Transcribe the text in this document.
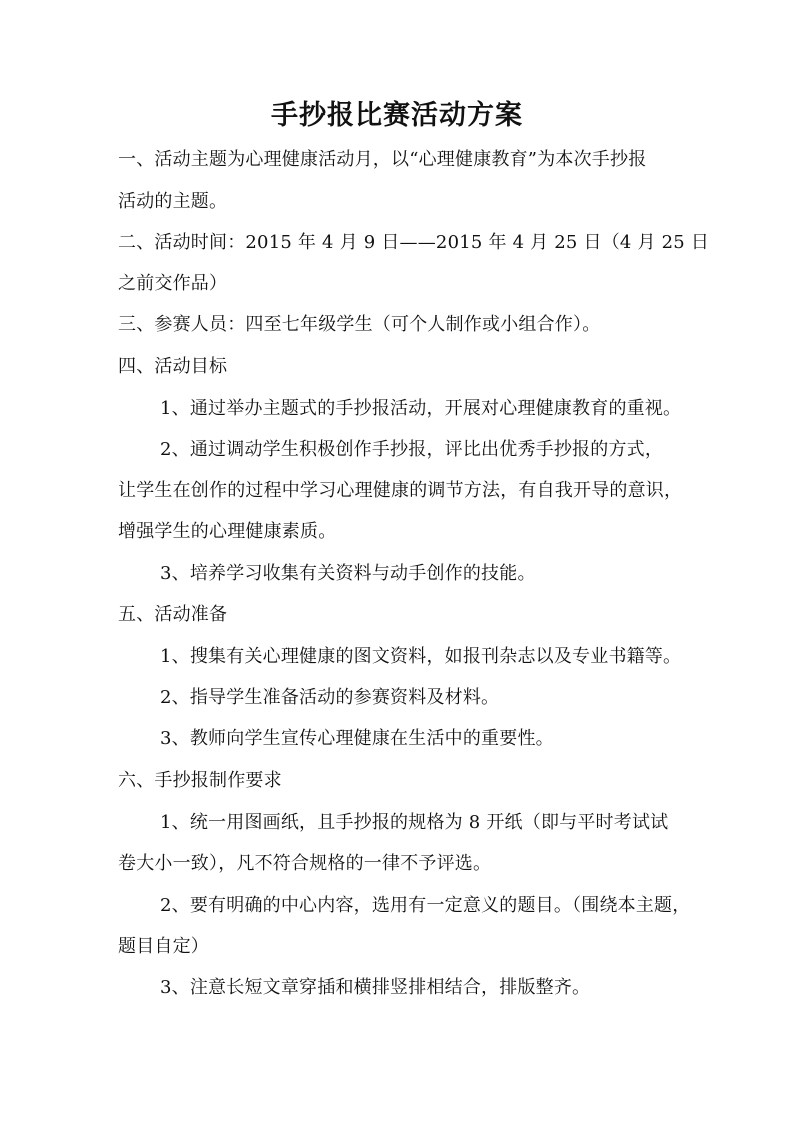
手抄报比赛活动方案
一、活动主题为心理健康活动月，以“心理健康教育”为本次手抄报
活动的主题。
二、活动时间：2015 年 4 月 9 日——2015 年 4 月 25 日（4 月 25 日
之前交作品）
三、参赛人员：四至七年级学生（可个人制作或小组合作）。
四、活动目标
1、通过举办主题式的手抄报活动，开展对心理健康教育的重视。
2、通过调动学生积极创作手抄报，评比出优秀手抄报的方式，
让学生在创作的过程中学习心理健康的调节方法，有自我开导的意识，
增强学生的心理健康素质。
3、培养学习收集有关资料与动手创作的技能。
五、活动准备
1、搜集有关心理健康的图文资料，如报刊杂志以及专业书籍等。
2、指导学生准备活动的参赛资料及材料。
3、教师向学生宣传心理健康在生活中的重要性。
六、手抄报制作要求
1、统一用图画纸，且手抄报的规格为 8 开纸（即与平时考试试
卷大小一致），凡不符合规格的一律不予评选。
2、要有明确的中心内容，选用有一定意义的题目。（围绕本主题，
题目自定）
3、注意长短文章穿插和横排竖排相结合，排版整齐。
